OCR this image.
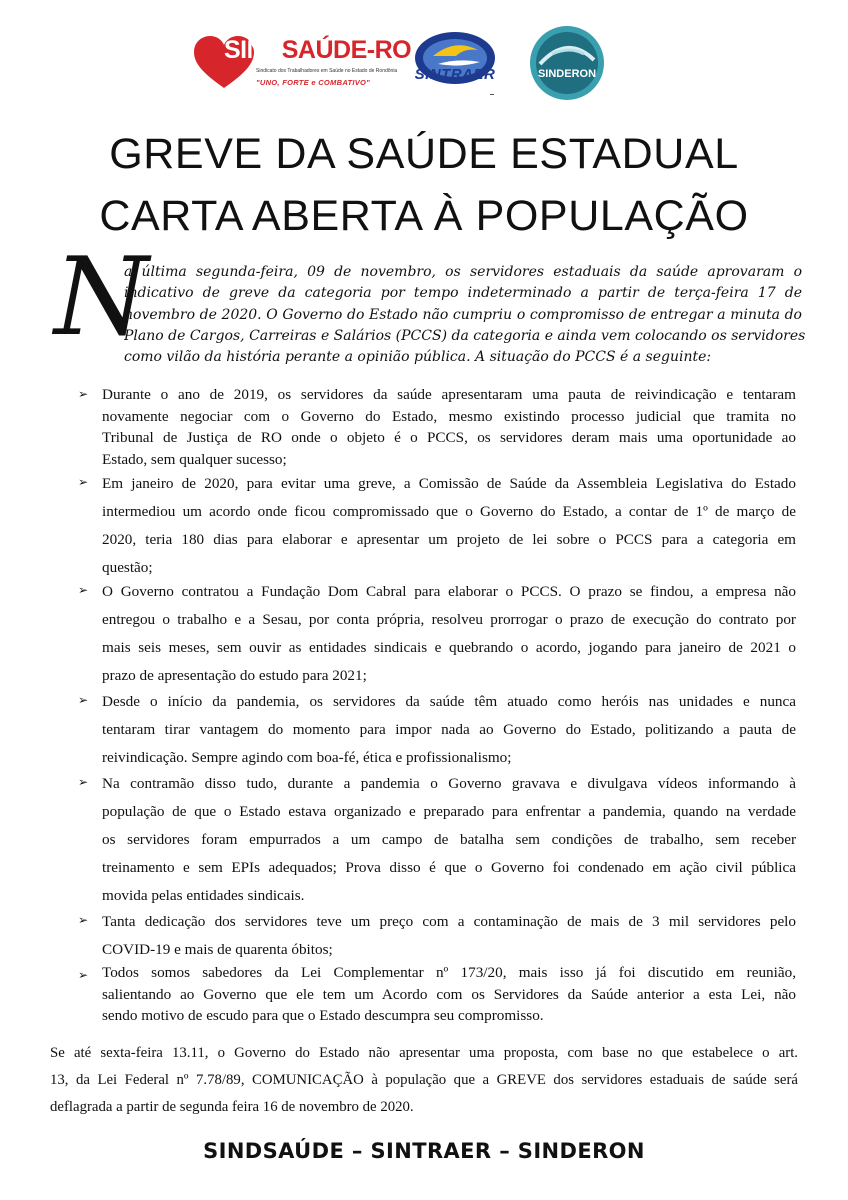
SINDSAÚDE-RO
Sindicato dos Trabalhadores em Saúde no Estado de Rondônia
"UNO, FORTE e COMBATIVO"	SINTRAER	SINDERON
GREVE DA SAÚDE ESTADUAL
CARTA ABERTA À POPULAÇÃO
N
a última segunda-feira, 09 de novembro, os servidores estaduais da saúde aprovaram o
indicativo de greve da categoria por tempo indeterminado a partir de terça-feira 17 de
novembro de 2020. O Governo do Estado não cumpriu o compromisso de entregar a minuta do
Plano de Cargos, Carreiras e Salários (PCCS) da categoria e ainda vem colocando os servidores
como vilão da história perante a opinião pública. A situação do PCCS é a seguinte:
➢ Durante o ano de 2019, os servidores da saúde apresentaram uma pauta de reivindicação e tentaram
novamente negociar com o Governo do Estado, mesmo existindo processo judicial que tramita no
Tribunal de Justiça de RO onde o objeto é o PCCS, os servidores deram mais uma oportunidade ao
Estado, sem qualquer sucesso;
➢ Em janeiro de 2020, para evitar uma greve, a Comissão de Saúde da Assembleia Legislativa do Estado
intermediou um acordo onde ficou compromissado que o Governo do Estado, a contar de 1º de março de
2020, teria 180 dias para elaborar e apresentar um projeto de lei sobre o PCCS para a categoria em
questão;
➢ O Governo contratou a Fundação Dom Cabral para elaborar o PCCS. O prazo se findou, a empresa não
entregou o trabalho e a Sesau, por conta própria, resolveu prorrogar o prazo de execução do contrato por
mais seis meses, sem ouvir as entidades sindicais e quebrando o acordo, jogando para janeiro de 2021 o
prazo de apresentação do estudo para 2021;
➢ Desde o início da pandemia, os servidores da saúde têm atuado como heróis nas unidades e nunca
tentaram tirar vantagem do momento para impor nada ao Governo do Estado, politizando a pauta de
reivindicação. Sempre agindo com boa-fé, ética e profissionalismo;
➢ Na contramão disso tudo, durante a pandemia o Governo gravava e divulgava vídeos informando à
população de que o Estado estava organizado e preparado para enfrentar a pandemia, quando na verdade
os servidores foram empurrados a um campo de batalha sem condições de trabalho, sem receber
treinamento e sem EPIs adequados; Prova disso é que o Governo foi condenado em ação civil pública
movida pelas entidades sindicais.
➢ Tanta dedicação dos servidores teve um preço com a contaminação de mais de 3 mil servidores pelo
COVID-19 e mais de quarenta óbitos;
➢ Todos somos sabedores da Lei Complementar nº 173/20, mais isso já foi discutido em reunião,
salientando ao Governo que ele tem um Acordo com os Servidores da Saúde anterior a esta Lei, não
sendo motivo de escudo para que o Estado descumpra seu compromisso.
Se até sexta-feira 13.11, o Governo do Estado não apresentar uma proposta, com base no que estabelece o art.
13, da Lei Federal nº 7.78/89, COMUNICAÇÃO à população que a GREVE dos servidores estaduais de saúde será
deflagrada a partir de segunda feira 16 de novembro de 2020.
SINDSAÚDE – SINTRAER – SINDERON
